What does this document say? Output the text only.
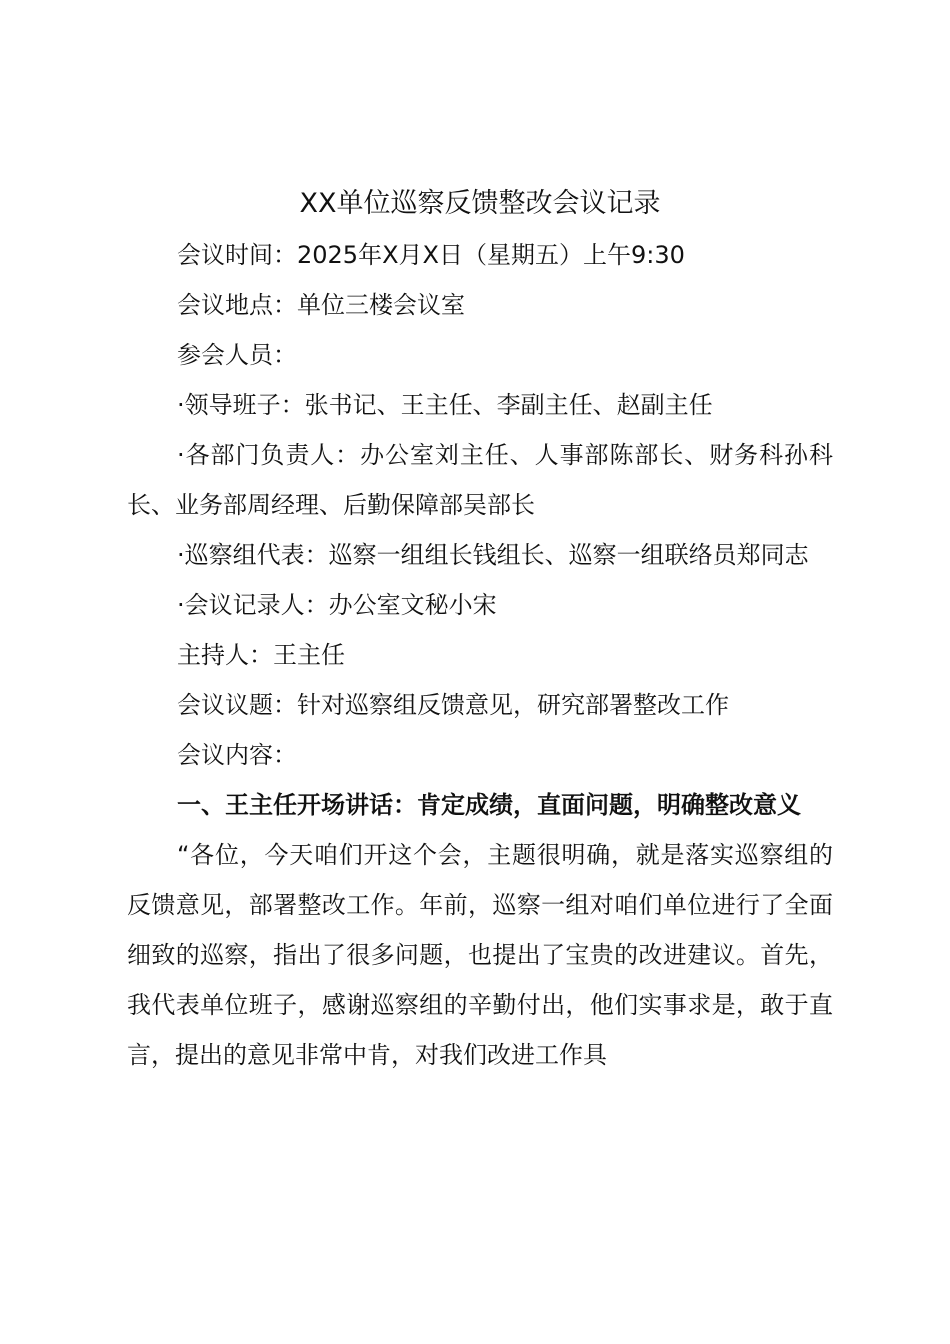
XX单位巡察反馈整改会议记录

会议时间：2025年X月X日（星期五）上午9:30

会议地点：单位三楼会议室

参会人员：

·领导班子：张书记、王主任、李副主任、赵副主任

·各部门负责人：办公室刘主任、人事部陈部长、财务科孙科长、业务部周经理、后勤保障部吴部长

·巡察组代表：巡察一组组长钱组长、巡察一组联络员郑同志

·会议记录人：办公室文秘小宋

主持人：王主任

会议议题：针对巡察组反馈意见，研究部署整改工作

会议内容：

一、王主任开场讲话：肯定成绩，直面问题，明确整改意义

“各位，今天咱们开这个会，主题很明确，就是落实巡察组的反馈意见，部署整改工作。年前，巡察一组对咱们单位进行了全面细致的巡察，指出了很多问题，也提出了宝贵的改进建议。首先，我代表单位班子，感谢巡察组的辛勤付出，他们实事求是，敢于直言，提出的意见非常中肯，对我们改进工作具
